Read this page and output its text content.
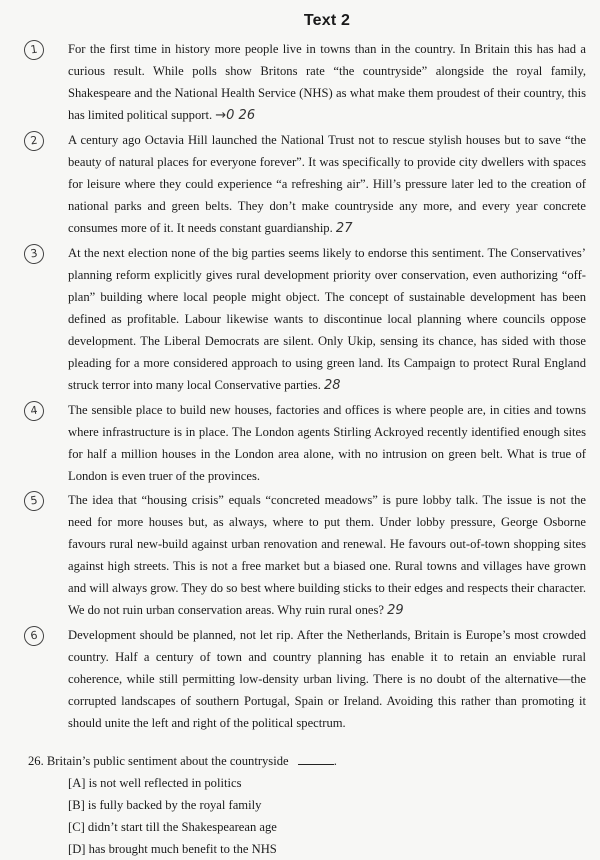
Text 2
1	For the first time in history more people live in towns than in the country. In Britain this has had a curious result. While polls show Britons rate “the countryside” alongside the royal family, Shakespeare and the National Health Service (NHS) as what make them proudest of their country, this has limited political support. →0 26
2	A century ago Octavia Hill launched the National Trust not to rescue stylish houses but to save “the beauty of natural places for everyone forever”. It was specifically to provide city dwellers with spaces for leisure where they could experience “a refreshing air”. Hill’s pressure later led to the creation of national parks and green belts. They don’t make countryside any more, and every year concrete consumes more of it. It needs constant guardianship. 27
3	At the next election none of the big parties seems likely to endorse this sentiment. The Conservatives’ planning reform explicitly gives rural development priority over conservation, even authorizing “off-plan” building where local people might object. The concept of sustainable development has been defined as profitable. Labour likewise wants to discontinue local planning where councils oppose development. The Liberal Democrats are silent. Only Ukip, sensing its chance, has sided with those pleading for a more considered approach to using green land. Its Campaign to protect Rural England struck terror into many local Conservative parties. 28
4	The sensible place to build new houses, factories and offices is where people are, in cities and towns where infrastructure is in place. The London agents Stirling Ackroyed recently identified enough sites for half a million houses in the London area alone, with no intrusion on green belt. What is true of London is even truer of the provinces.
5	The idea that “housing crisis” equals “concreted meadows” is pure lobby talk. The issue is not the need for more houses but, as always, where to put them. Under lobby pressure, George Osborne favours rural new-build against urban renovation and renewal. He favours out-of-town shopping sites against high streets. This is not a free market but a biased one. Rural towns and villages have grown and will always grow. They do so best where building sticks to their edges and respects their character. We do not ruin urban conservation areas. Why ruin rural ones? 29
6	Development should be planned, not let rip. After the Netherlands, Britain is Europe’s most crowded country. Half a century of town and country planning has enable it to retain an enviable rural coherence, while still permitting low-density urban living. There is no doubt of the alternative—the corrupted landscapes of southern Portugal, Spain or Ireland. Avoiding this rather than promoting it should unite the left and right of the political spectrum.
26. Britain’s public sentiment about the countryside	.
[A] is not well reflected in politics
[B] is fully backed by the royal family
[C] didn’t start till the Shakespearean age
[D] has brought much benefit to the NHS
